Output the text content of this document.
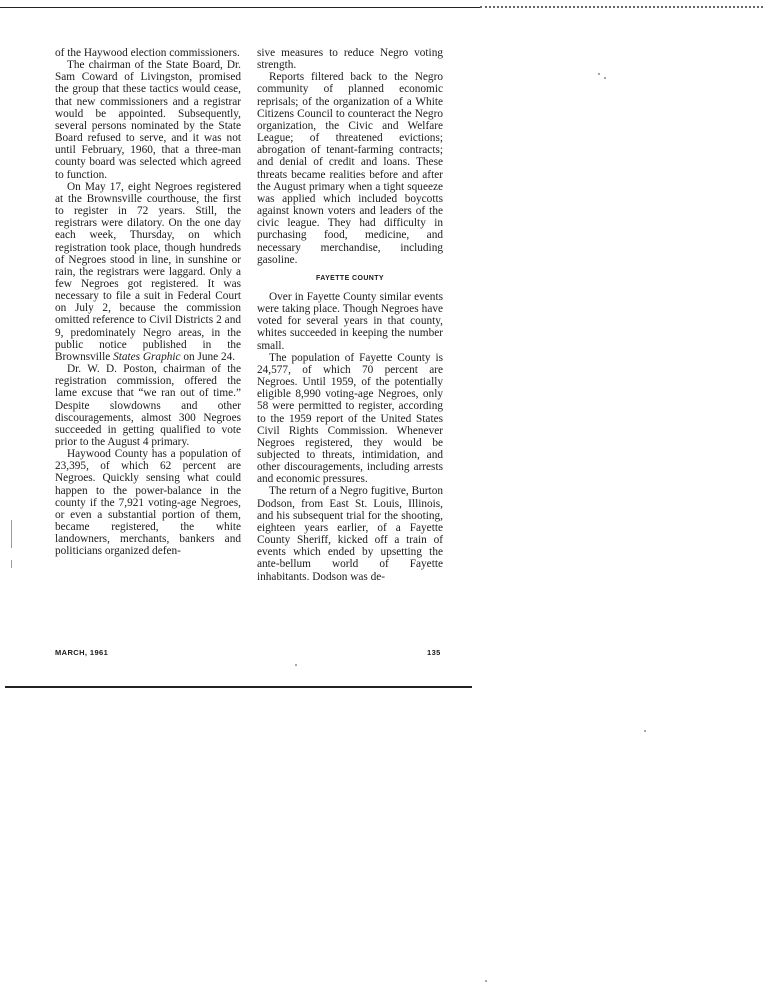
of the Haywood election commissioners.

The chairman of the State Board, Dr. Sam Coward of Livingston, promised the group that these tactics would cease, that new commissioners and a registrar would be appointed. Subsequently, several persons nominated by the State Board refused to serve, and it was not until February, 1960, that a three-man county board was selected which agreed to function.

On May 17, eight Negroes registered at the Brownsville courthouse, the first to register in 72 years. Still, the registrars were dilatory. On the one day each week, Thursday, on which registration took place, though hundreds of Negroes stood in line, in sunshine or rain, the registrars were laggard. Only a few Negroes got registered. It was necessary to file a suit in Federal Court on July 2, because the commission omitted reference to Civil Districts 2 and 9, predominately Negro areas, in the public notice published in the Brownsville States Graphic on June 24.

Dr. W. D. Poston, chairman of the registration commission, offered the lame excuse that “we ran out of time.” Despite slowdowns and other discouragements, almost 300 Negroes succeeded in getting qualified to vote prior to the August 4 primary.

Haywood County has a population of 23,395, of which 62 percent are Negroes. Quickly sensing what could happen to the power-balance in the county if the 7,921 voting-age Negroes, or even a substantial portion of them, became registered, the white landowners, merchants, bankers and politicians organized defen-

sive measures to reduce Negro voting strength.

Reports filtered back to the Negro community of planned economic reprisals; of the organization of a White Citizens Council to counteract the Negro organization, the Civic and Welfare League; of threatened evictions; abrogation of tenant-farming contracts; and denial of credit and loans. These threats became realities before and after the August primary when a tight squeeze was applied which included boycotts against known voters and leaders of the civic league. They had difficulty in purchasing food, medicine, and necessary merchandise, including gasoline.

FAYETTE COUNTY

Over in Fayette County similar events were taking place. Though Negroes have voted for several years in that county, whites succeeded in keeping the number small.

The population of Fayette County is 24,577, of which 70 percent are Negroes. Until 1959, of the potentially eligible 8,990 voting-age Negroes, only 58 were permitted to register, according to the 1959 report of the United States Civil Rights Commission. Whenever Negroes registered, they would be subjected to threats, intimidation, and other discouragements, including arrests and economic pressures.

The return of a Negro fugitive, Burton Dodson, from East St. Louis, Illinois, and his subsequent trial for the shooting, eighteen years earlier, of a Fayette County Sheriff, kicked off a train of events which ended by upsetting the ante-bellum world of Fayette inhabitants. Dodson was de-

MARCH, 1961	135
